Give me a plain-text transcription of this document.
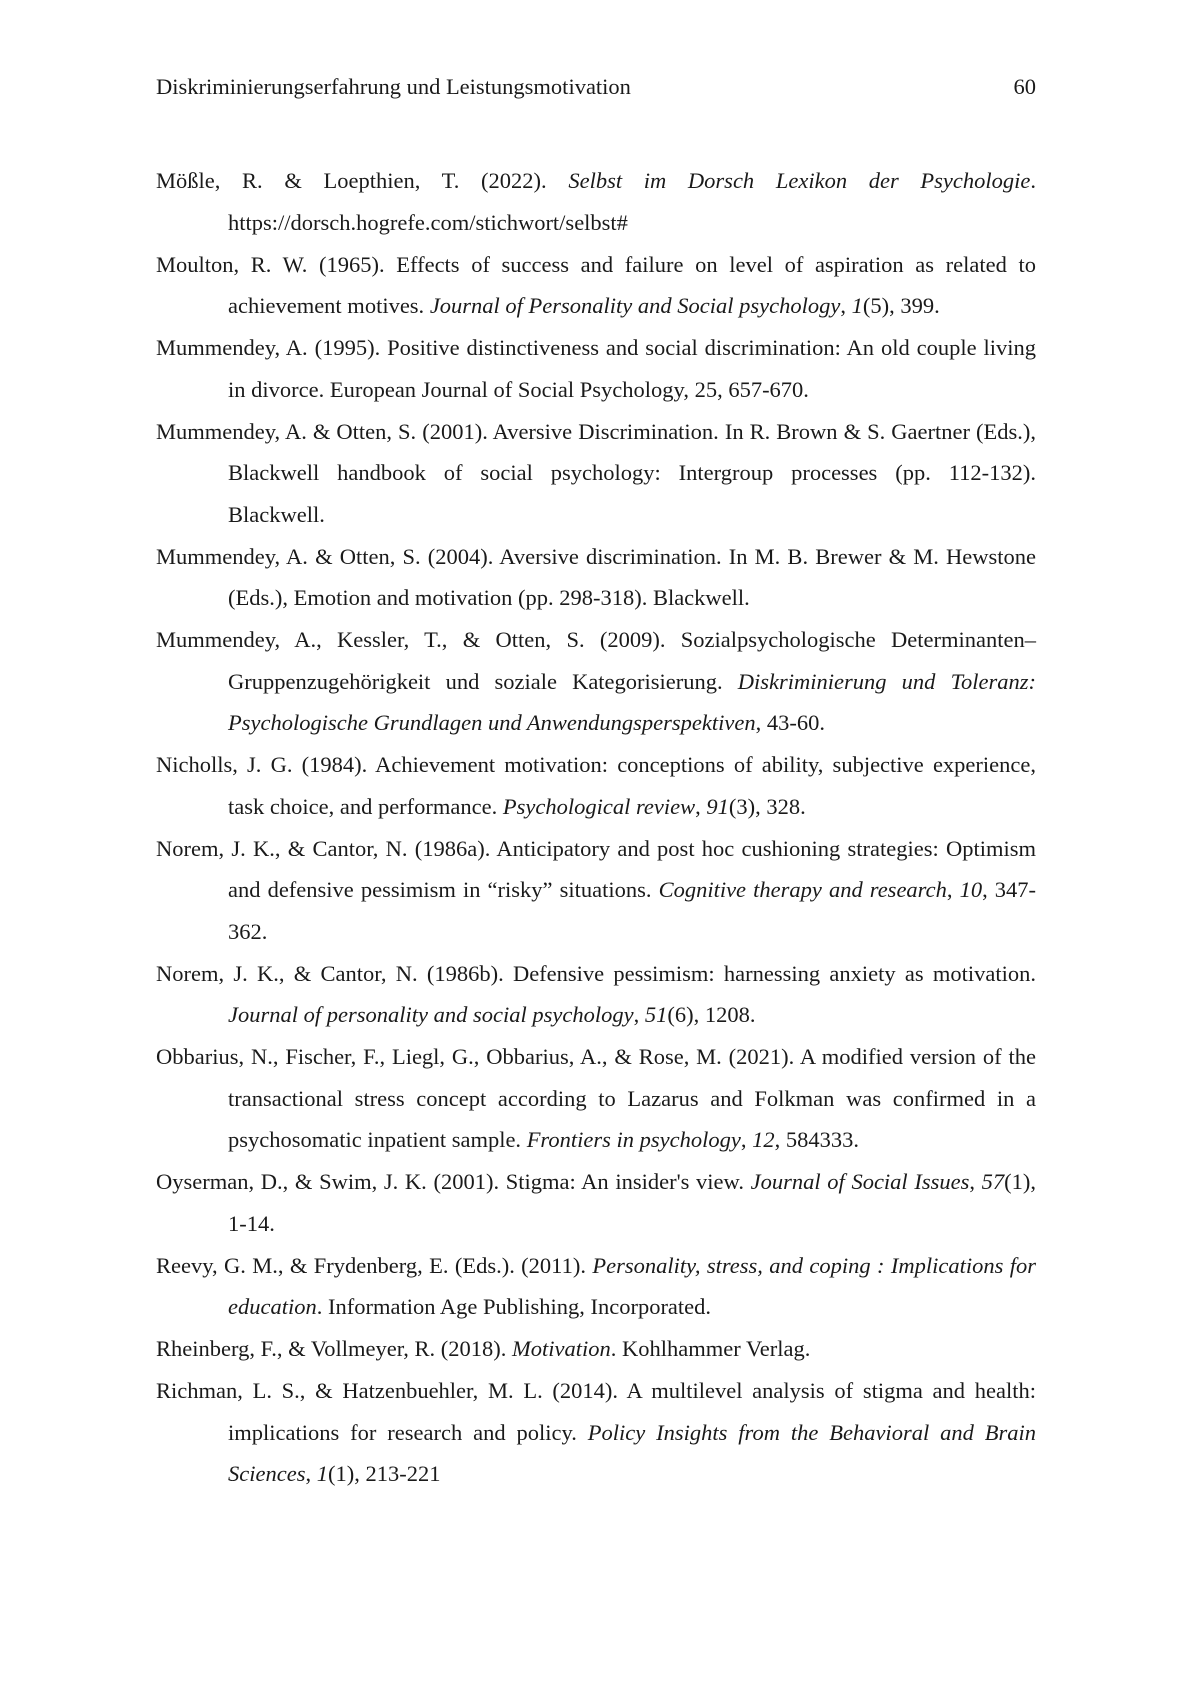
Diskriminierungserfahrung und Leistungsmotivation	60

Mößle, R. & Loepthien, T. (2022). Selbst im Dorsch Lexikon der Psychologie. https://dorsch.hogrefe.com/stichwort/selbst#

Moulton, R. W. (1965). Effects of success and failure on level of aspiration as related to achievement motives. Journal of Personality and Social psychology, 1(5), 399.

Mummendey, A. (1995). Positive distinctiveness and social discrimination: An old couple living in divorce. European Journal of Social Psychology, 25, 657-670.

Mummendey, A. & Otten, S. (2001). Aversive Discrimination. In R. Brown & S. Gaertner (Eds.), Blackwell handbook of social psychology: Intergroup processes (pp. 112-132). Blackwell.

Mummendey, A. & Otten, S. (2004). Aversive discrimination. In M. B. Brewer & M. Hewstone (Eds.), Emotion and motivation (pp. 298-318). Blackwell.

Mummendey, A., Kessler, T., & Otten, S. (2009). Sozialpsychologische Determinanten–Gruppenzugehörigkeit und soziale Kategorisierung. Diskriminierung und Toleranz: Psychologische Grundlagen und Anwendungsperspektiven, 43-60.

Nicholls, J. G. (1984). Achievement motivation: conceptions of ability, subjective experience, task choice, and performance. Psychological review, 91(3), 328.

Norem, J. K., & Cantor, N. (1986a). Anticipatory and post hoc cushioning strategies: Optimism and defensive pessimism in “risky” situations. Cognitive therapy and research, 10, 347-362.

Norem, J. K., & Cantor, N. (1986b). Defensive pessimism: harnessing anxiety as motivation. Journal of personality and social psychology, 51(6), 1208.

Obbarius, N., Fischer, F., Liegl, G., Obbarius, A., & Rose, M. (2021). A modified version of the transactional stress concept according to Lazarus and Folkman was confirmed in a psychosomatic inpatient sample. Frontiers in psychology, 12, 584333.

Oyserman, D., & Swim, J. K. (2001). Stigma: An insider's view. Journal of Social Issues, 57(1), 1-14.

Reevy, G. M., & Frydenberg, E. (Eds.). (2011). Personality, stress, and coping : Implications for education. Information Age Publishing, Incorporated.

Rheinberg, F., & Vollmeyer, R. (2018). Motivation. Kohlhammer Verlag.

Richman, L. S., & Hatzenbuehler, M. L. (2014). A multilevel analysis of stigma and health: implications for research and policy. Policy Insights from the Behavioral and Brain Sciences, 1(1), 213-221
